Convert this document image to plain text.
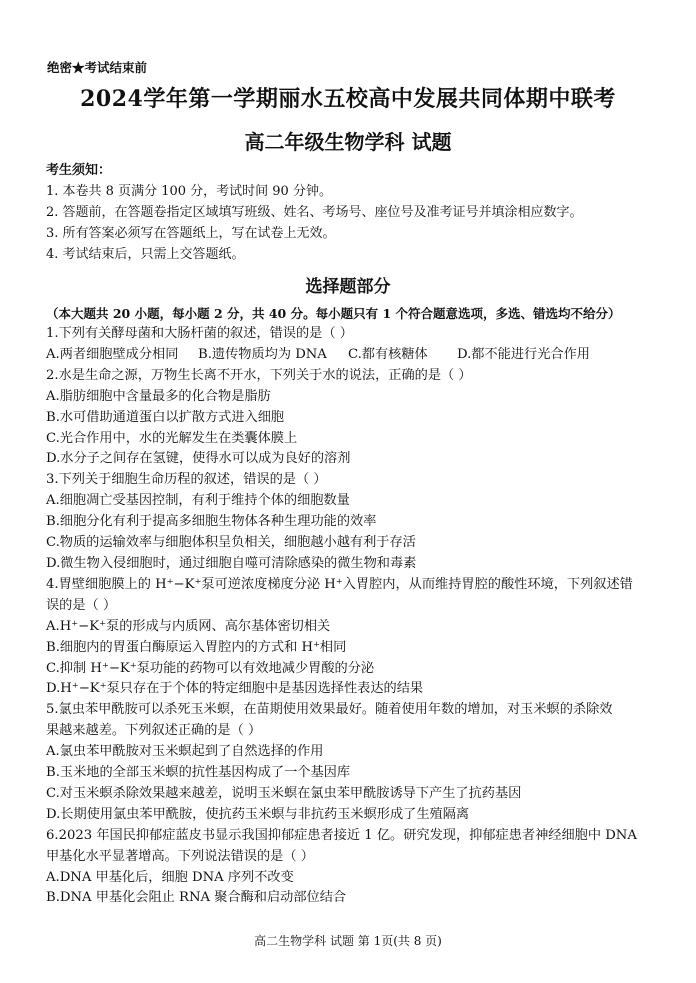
绝密★考试结束前
2024学年第一学期丽水五校高中发展共同体期中联考
高二年级生物学科 试题
考生须知：
1. 本卷共 8 页满分 100 分，考试时间 90 分钟。
2. 答题前，在答题卷指定区域填写班级、姓名、考场号、座位号及准考证号并填涂相应数字。
3. 所有答案必须写在答题纸上，写在试卷上无效。
4. 考试结束后，只需上交答题纸。
选择题部分
（本大题共 20 小题，每小题 2 分，共 40 分。每小题只有 1 个符合题意选项，多选、错选均不给分）
1.下列有关酵母菌和大肠杆菌的叙述，错误的是（ ）
A.两者细胞壁成分相同	B.遗传物质均为 DNA	C.都有核糖体	D.都不能进行光合作用
2.水是生命之源，万物生长离不开水，下列关于水的说法，正确的是（ ）
A.脂肪细胞中含量最多的化合物是脂肪
B.水可借助通道蛋白以扩散方式进入细胞
C.光合作用中，水的光解发生在类囊体膜上
D.水分子之间存在氢键，使得水可以成为良好的溶剂
3.下列关于细胞生命历程的叙述，错误的是（ ）
A.细胞凋亡受基因控制，有利于维持个体的细胞数量
B.细胞分化有利于提高多细胞生物体各种生理功能的效率
C.物质的运输效率与细胞体积呈负相关，细胞越小越有利于存活
D.微生物入侵细胞时，通过细胞自噬可清除感染的微生物和毒素
4.胃壁细胞膜上的 H⁺−K⁺泵可逆浓度梯度分泌 H⁺入胃腔内，从而维持胃腔的酸性环境，下列叙述错
误的是（ ）
A.H⁺−K⁺泵的形成与内质网、高尔基体密切相关
B.细胞内的胃蛋白酶原运入胃腔内的方式和 H⁺相同
C.抑制 H⁺−K⁺泵功能的药物可以有效地减少胃酸的分泌
D.H⁺−K⁺泵只存在于个体的特定细胞中是基因选择性表达的结果
5.氯虫苯甲酰胺可以杀死玉米螟，在苗期使用效果最好。随着使用年数的增加，对玉米螟的杀除效
果越来越差。下列叙述正确的是（ ）
A.氯虫苯甲酰胺对玉米螟起到了自然选择的作用
B.玉米地的全部玉米螟的抗性基因构成了一个基因库
C.对玉米螟杀除效果越来越差，说明玉米螟在氯虫苯甲酰胺诱导下产生了抗药基因
D.长期使用氯虫苯甲酰胺，使抗药玉米螟与非抗药玉米螟形成了生殖隔离
6.2023 年国民抑郁症蓝皮书显示我国抑郁症患者接近 1 亿。研究发现，抑郁症患者神经细胞中 DNA
甲基化水平显著增高。下列说法错误的是（ ）
A.DNA 甲基化后，细胞 DNA 序列不改变
B.DNA 甲基化会阻止 RNA 聚合酶和启动部位结合
高二生物学科 试题 第 1页(共 8 页)
